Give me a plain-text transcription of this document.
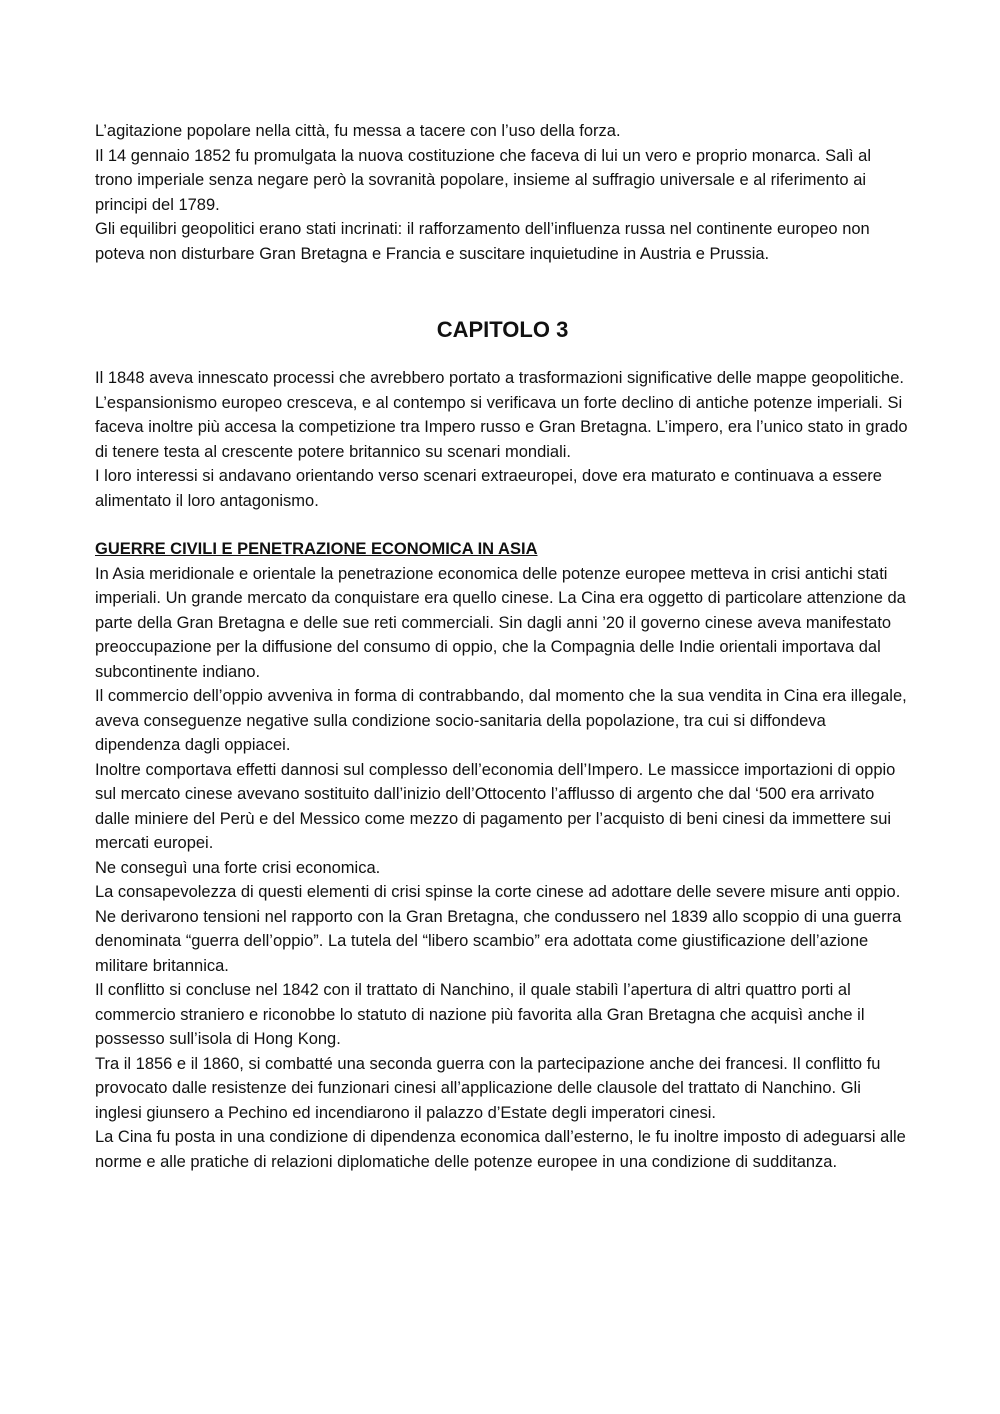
L’agitazione popolare nella città, fu messa a tacere con l’uso della forza.

Il 14 gennaio 1852 fu promulgata la nuova costituzione che faceva di lui un vero e proprio monarca. Salì al trono imperiale senza negare però la sovranità popolare, insieme al suffragio universale e al riferimento ai principi del 1789.

Gli equilibri geopolitici erano stati incrinati: il rafforzamento dell’influenza russa nel continente europeo non poteva non disturbare Gran Bretagna e Francia e suscitare inquietudine in Austria e Prussia.

CAPITOLO 3

Il 1848 aveva innescato processi che avrebbero portato a trasformazioni significative delle mappe geopolitiche.

L’espansionismo europeo cresceva, e al contempo si verificava un forte declino di antiche potenze imperiali. Si faceva inoltre più accesa la competizione tra Impero russo e Gran Bretagna. L’impero, era l’unico stato in grado di tenere testa al crescente potere britannico su scenari mondiali.

I loro interessi si andavano orientando verso scenari extraeuropei, dove era maturato e continuava a essere alimentato il loro antagonismo.

GUERRE CIVILI E PENETRAZIONE ECONOMICA IN ASIA

In Asia meridionale e orientale la penetrazione economica delle potenze europee metteva in crisi antichi stati imperiali. Un grande mercato da conquistare era quello cinese. La Cina era oggetto di particolare attenzione da parte della Gran Bretagna e delle sue reti commerciali. Sin dagli anni ’20 il governo cinese aveva manifestato preoccupazione per la diffusione del consumo di oppio, che la Compagnia delle Indie orientali importava dal subcontinente indiano.

Il commercio dell’oppio avveniva in forma di contrabbando, dal momento che la sua vendita in Cina era illegale, aveva conseguenze negative sulla condizione socio-sanitaria della popolazione, tra cui si diffondeva dipendenza dagli oppiacei.

Inoltre comportava effetti dannosi sul complesso dell’economia dell’Impero. Le massicce importazioni di oppio sul mercato cinese avevano sostituito dall’inizio dell’Ottocento l’afflusso di argento che dal ‘500 era arrivato dalle miniere del Perù e del Messico come mezzo di pagamento per l’acquisto di beni cinesi da immettere sui mercati europei.

Ne conseguì una forte crisi economica.

La consapevolezza di questi elementi di crisi spinse la corte cinese ad adottare delle severe misure anti oppio. Ne derivarono tensioni nel rapporto con la Gran Bretagna, che condussero nel 1839 allo scoppio di una guerra denominata “guerra dell’oppio”. La tutela del “libero scambio” era adottata come giustificazione dell’azione militare britannica.

Il conflitto si concluse nel 1842 con il trattato di Nanchino, il quale stabilì l’apertura di altri quattro porti al commercio straniero e riconobbe lo statuto di nazione più favorita alla Gran Bretagna che acquisì anche il possesso sull’isola di Hong Kong.

Tra il 1856 e il 1860, si combatté una seconda guerra con la partecipazione anche dei francesi. Il conflitto fu provocato dalle resistenze dei funzionari cinesi all’applicazione delle clausole del trattato di Nanchino. Gli inglesi giunsero a Pechino ed incendiarono il palazzo d’Estate degli imperatori cinesi.

La Cina fu posta in una condizione di dipendenza economica dall’esterno, le fu inoltre imposto di adeguarsi alle norme e alle pratiche di relazioni diplomatiche delle potenze europee in una condizione di sudditanza.
